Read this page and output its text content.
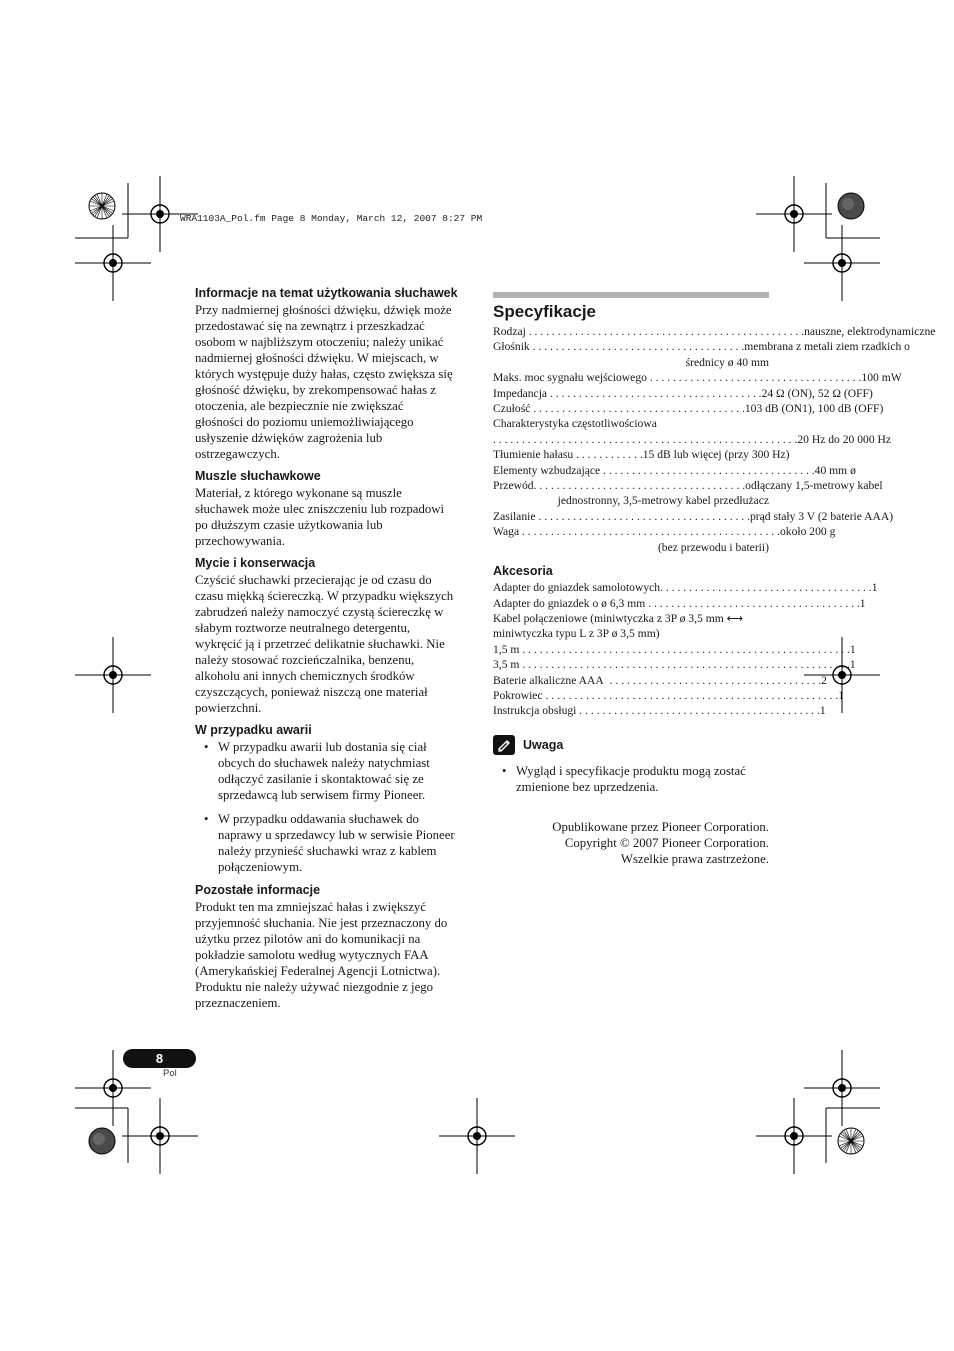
WRA1103A_Pol.fm Page 8 Monday, March 12, 2007 8:27 PM
Informacje na temat użytkowania słuchawek

Przy nadmiernej głośności dźwięku, dźwięk może
przedostawać się na zewnątrz i przeszkadzać
osobom w najbliższym otoczeniu; należy unikać
nadmiernej głośności dźwięku. W miejscach, w
których występuje duży hałas, często zwiększa się
głośność dźwięku, by zrekompensować hałas z
otoczenia, ale bezpiecznie nie zwiększać
głośności do poziomu uniemożliwiającego
usłyszenie dźwięków zagrożenia lub
ostrzegawczych.

Muszle słuchawkowe

Materiał, z którego wykonane są muszle
słuchawek może ulec zniszczeniu lub rozpadowi
po dłuższym czasie użytkowania lub
przechowywania.

Mycie i konserwacja

Czyścić słuchawki przecierając je od czasu do
czasu miękką ściereczką. W przypadku większych
zabrudzeń należy namoczyć czystą ściereczkę w
słabym roztworze neutralnego detergentu,
wykręcić ją i przetrzeć delikatnie słuchawki. Nie
należy stosować rozcieńczalnika, benzenu,
alkoholu ani innych chemicznych środków
czyszczących, ponieważ niszczą one materiał
powierzchni.

W przypadku awarii
• W przypadku awarii lub dostania się ciał
obcych do słuchawek należy natychmiast
odłączyć zasilanie i skontaktować się ze
sprzedawcą lub serwisem firmy Pioneer.
• W przypadku oddawania słuchawek do
naprawy u sprzedawcy lub w serwisie Pioneer
należy przynieść słuchawki wraz z kablem
połączeniowym.
Pozostałe informacje

Produkt ten ma zmniejszać hałas i zwiększyć
przyjemność słuchania. Nie jest przeznaczony do
użytku przez pilotów ani do komunikacji na
pokładzie samolotu według wytycznych FAA
(Amerykańskiej Federalnej Agencji Lotnictwa).
Produktu nie należy używać niezgodnie z jego
przeznaczeniem.

Specyfikacje
Rodzaj . . . . . . . . . . . . . . . . . . . . . . . . . . . . . . . . . . . . . . . . . . . . . . . . nauszne, elektrodynamiczne
Głośnik . . . . . . . . . . . . . . . . . . . . . . . . . . . . . . . . . . . . . membrana z metali ziem rzadkich o
średnicy ø 40 mm
Maks. moc sygnału wejściowego . . . . . . . . . . . . . . . . . . . . . . . . . . . . . . . . . . . . . 100 mW
Impedancja . . . . . . . . . . . . . . . . . . . . . . . . . . . . . . . . . . . . . 24 Ω (ON), 52 Ω (OFF)
Czułość . . . . . . . . . . . . . . . . . . . . . . . . . . . . . . . . . . . . . 103 dB (ON1), 100 dB (OFF)
Charakterystyka częstotliwościowa
. . . . . . . . . . . . . . . . . . . . . . . . . . . . . . . . . . . . . . . . . . . . . . . . . . . . . 20 Hz do 20 000 Hz
Tłumienie hałasu . . . . . . . . . . . . 15 dB lub więcej (przy 300 Hz)
Elementy wzbudzające . . . . . . . . . . . . . . . . . . . . . . . . . . . . . . . . . . . . . 40 mm ø
Przewód . . . . . . . . . . . . . . . . . . . . . . . . . . . . . . . . . . . . . odłączany 1,5-metrowy kabel
jednostronny, 3,5-metrowy kabel przedłużacz
Zasilanie . . . . . . . . . . . . . . . . . . . . . . . . . . . . . . . . . . . . . prąd stały 3 V (2 baterie AAA)
Waga . . . . . . . . . . . . . . . . . . . . . . . . . . . . . . . . . . . . . . . . . . . . . około 200 g
(bez przewodu i baterii)
Akcesoria
Adapter do gniazdek samolotowych . . . . . . . . . . . . . . . . . . . . . . . . . . . . . . . . . . . . . 1
Adapter do gniazdek o ø 6,3 mm . . . . . . . . . . . . . . . . . . . . . . . . . . . . . . . . . . . . . 1
Kabel połączeniowe (miniwtyczka z 3P ø 3,5 mm ⟷
miniwtyczka typu L z 3P ø 3,5 mm)
1,5 m . . . . . . . . . . . . . . . . . . . . . . . . . . . . . . . . . . . . . . . . . . . . . . . . . . . . . . . . . 1
3,5 m . . . . . . . . . . . . . . . . . . . . . . . . . . . . . . . . . . . . . . . . . . . . . . . . . . . . . . . . . 1
Baterie alkaliczne AAA . . . . . . . . . . . . . . . . . . . . . . . . . . . . . . . . . . . . . 2
Pokrowiec . . . . . . . . . . . . . . . . . . . . . . . . . . . . . . . . . . . . . . . . . . . . . . . . . . . 1
Instrukcja obsługi . . . . . . . . . . . . . . . . . . . . . . . . . . . . . . . . . . . . . . . . . . 1
Uwaga
• Wygląd i specyfikacje produktu mogą zostać
zmienione bez uprzedzenia.
Opublikowane przez Pioneer Corporation.
Copyright © 2007 Pioneer Corporation.
Wszelkie prawa zastrzeżone.
8
Pol
